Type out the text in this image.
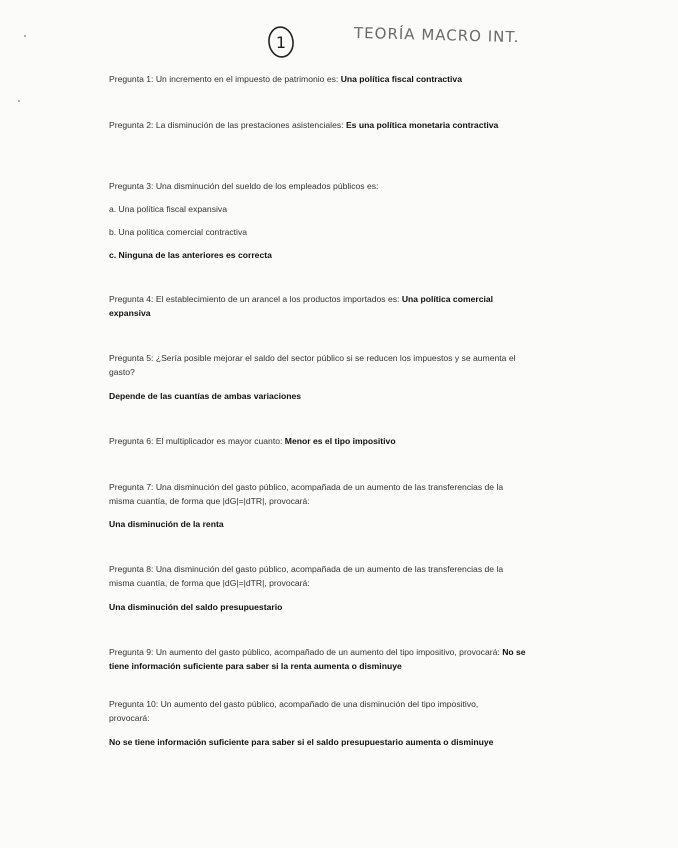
1	TEORÍA MACRO INT.
Pregunta 1: Un incremento en el impuesto de patrimonio es: Una política fiscal contractiva
Pregunta 2: La disminución de las prestaciones asistenciales: Es una política monetaria contractiva
Pregunta 3: Una disminución del sueldo de los empleados públicos es:
a. Una política fiscal expansiva
b. Una política comercial contractiva
c. Ninguna de las anteriores es correcta
Pregunta 4: El establecimiento de un arancel a los productos importados es: Una política comercial expansiva
Pregunta 5: ¿Sería posible mejorar el saldo del sector público si se reducen los impuestos y se aumenta el gasto?
Depende de las cuantías de ambas variaciones
Pregunta 6: El multiplicador es mayor cuanto: Menor es el tipo impositivo
Pregunta 7: Una disminución del gasto público, acompañada de un aumento de las transferencias de la misma cuantía, de forma que |dG|=|dTR|, provocará:
Una disminución de la renta
Pregunta 8: Una disminución del gasto público, acompañada de un aumento de las transferencias de la misma cuantía, de forma que |dG|=|dTR|, provocará:
Una disminución del saldo presupuestario
Pregunta 9: Un aumento del gasto público, acompañado de un aumento del tipo impositivo, provocará: No se tiene información suficiente para saber si la renta aumenta o disminuye
Pregunta 10: Un aumento del gasto público, acompañado de una disminución del tipo impositivo, provocará:
No se tiene información suficiente para saber si el saldo presupuestario aumenta o disminuye
